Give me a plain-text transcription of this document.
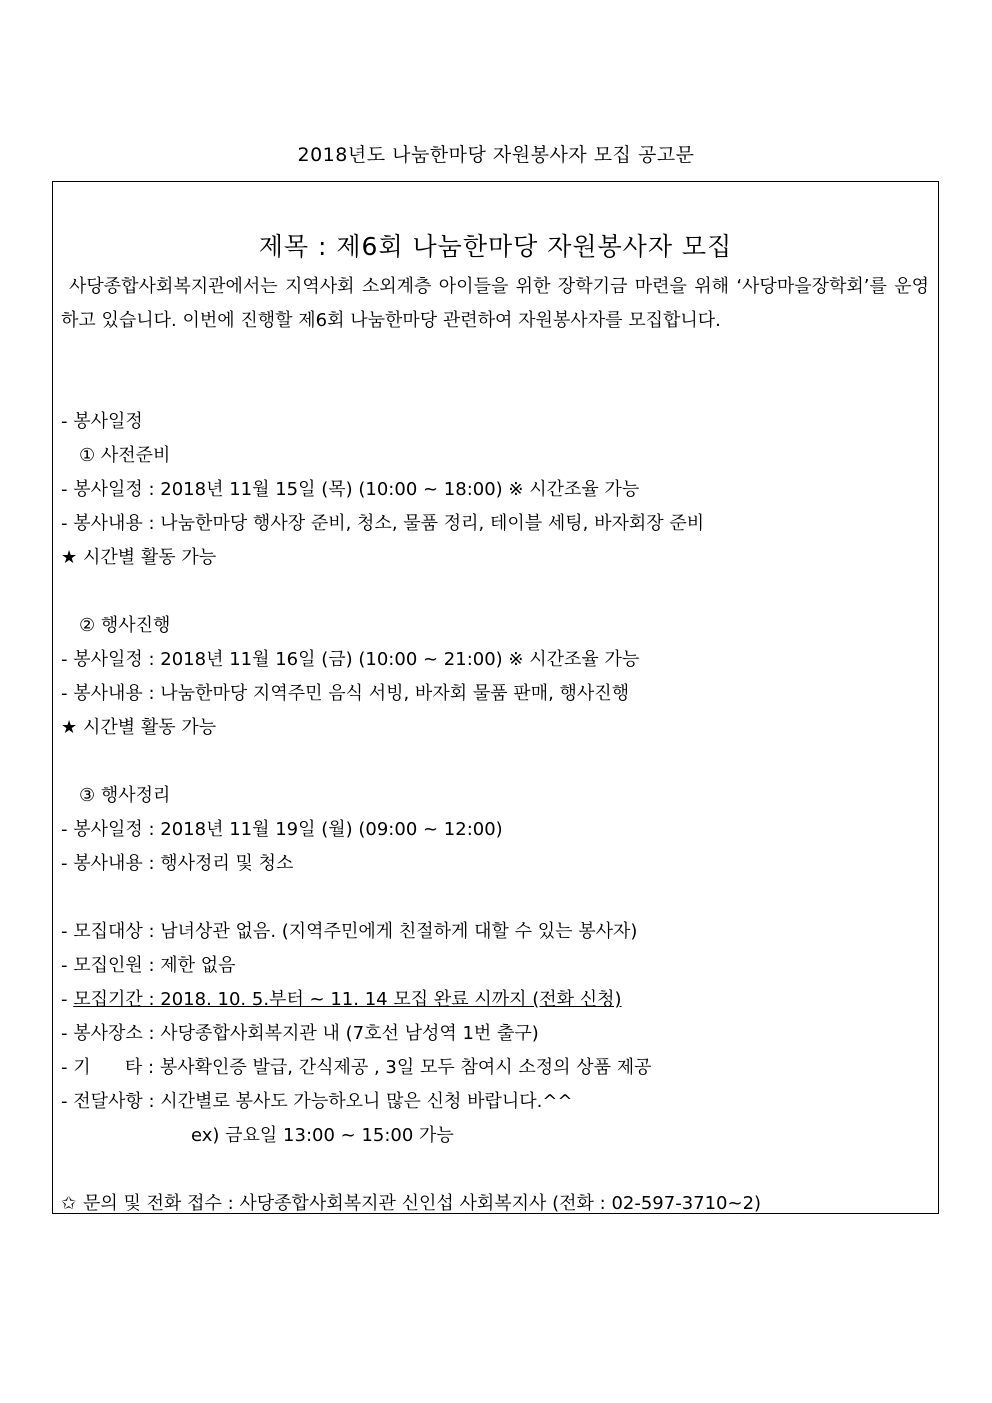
2018년도 나눔한마당 자원봉사자 모집 공고문
제목 : 제6회 나눔한마당 자원봉사자 모집
사당종합사회복지관에서는 지역사회 소외계층 아이들을 위한 장학기금 마련을 위해 ‘사당마을장학회’를 운영하고 있습니다. 이번에 진행할 제6회 나눔한마당 관련하여 자원봉사자를 모집합니다.
- 봉사일정
① 사전준비
- 봉사일정 : 2018년 11월 15일 (목) (10:00 ~ 18:00) ※ 시간조율 가능
- 봉사내용 : 나눔한마당 행사장 준비, 청소, 물품 정리, 테이블 세팅, 바자회장 준비
★ 시간별 활동 가능
② 행사진행
- 봉사일정 : 2018년 11월 16일 (금) (10:00 ~ 21:00) ※ 시간조율 가능
- 봉사내용 : 나눔한마당 지역주민 음식 서빙, 바자회 물품 판매, 행사진행
★ 시간별 활동 가능
③ 행사정리
- 봉사일정 : 2018년 11월 19일 (월) (09:00 ~ 12:00)
- 봉사내용 : 행사정리 및 청소
- 모집대상 : 남녀상관 없음. (지역주민에게 친절하게 대할 수 있는 봉사자)
- 모집인원 : 제한 없음
- 모집기간 : 2018. 10. 5.부터 ~ 11. 14 모집 완료 시까지 (전화 신청)
- 봉사장소 : 사당종합사회복지관 내 (7호선 남성역 1번 출구)
- 기      타 : 봉사확인증 발급, 간식제공 , 3일 모두 참여시 소정의 상품 제공
- 전달사항 : 시간별로 봉사도 가능하오니 많은 신청 바랍니다.^^
ex) 금요일 13:00 ~ 15:00 가능
✩ 문의 및 전화 접수 : 사당종합사회복지관 신인섭 사회복지사 (전화 : 02-597-3710~2)
